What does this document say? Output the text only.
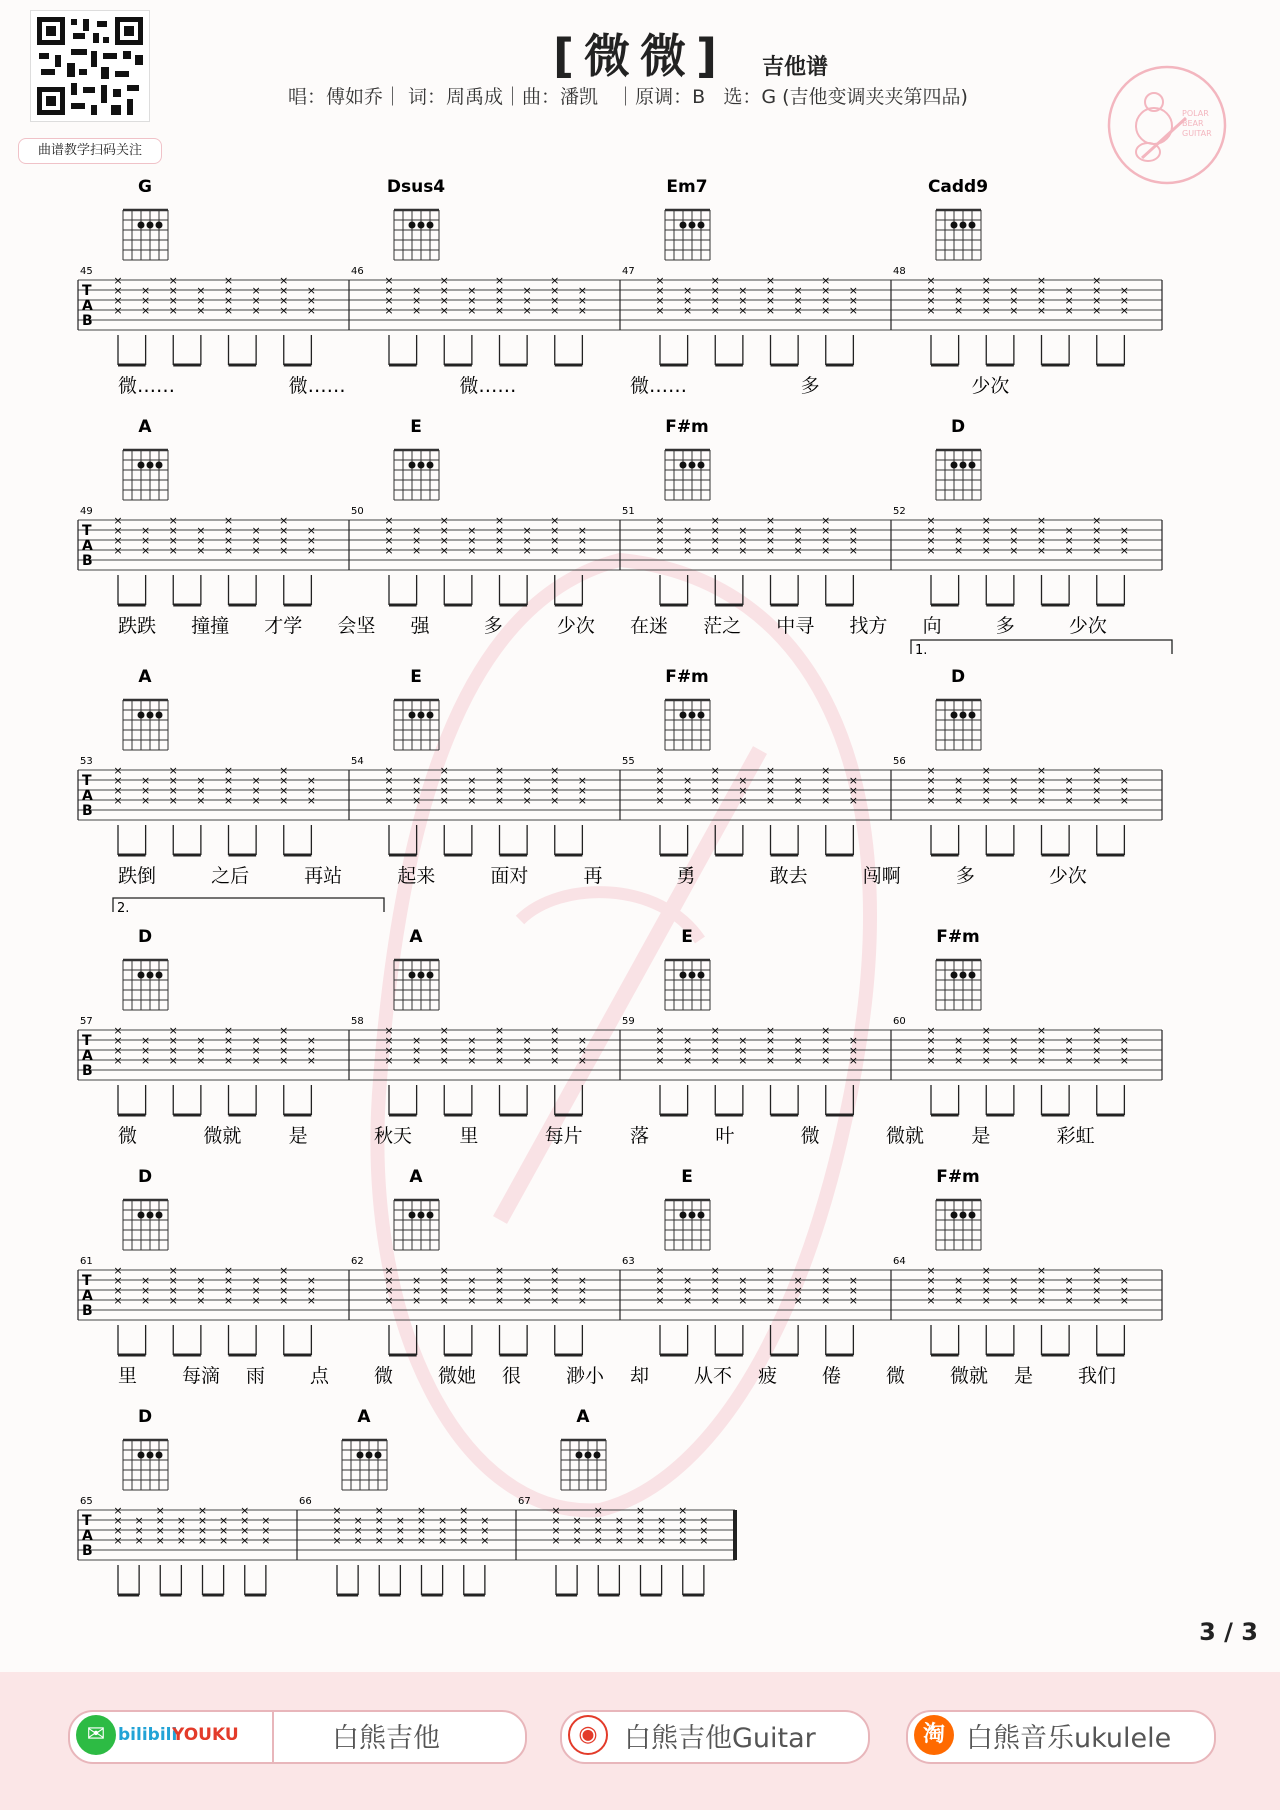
曲谱教学扫码关注
[微微]	吉他谱
唱：傅如乔｜ 词：周禹成｜曲：潘凯   ｜原调：B   选：G (吉他变调夹夹第四品)
POLAR
BEAR
GUITAR
G	Dsus4	Em7	Cadd9
T
A
B
45
×
×
×
×
×
×
×
×
×
×
×
×
×
×
×
×
×
×
×
×
×
×
×
×
×
×
×
×
46
×
×
×
×
×
×
×
×
×
×
×
×
×
×
×
×
×
×
×
×
×
×
×
×
×
×
×
×
47
×
×
×
×
×
×
×
×
×
×
×
×
×
×
×
×
×
×
×
×
×
×
×
×
×
×
×
×
48
×
×
×
×
×
×
×
×
×
×
×
×
×
×
×
×
×
×
×
×
×
×
×
×
×
×
×
×
微……	微……	微……	微……	多	少次
A	E	F#m	D
T
A
B
49
×
×
×
×
×
×
×
×
×
×
×
×
×
×
×
×
×
×
×
×
×
×
×
×
×
×
×
×
50
×
×
×
×
×
×
×
×
×
×
×
×
×
×
×
×
×
×
×
×
×
×
×
×
×
×
×
×
51
×
×
×
×
×
×
×
×
×
×
×
×
×
×
×
×
×
×
×
×
×
×
×
×
×
×
×
×
52
×
×
×
×
×
×
×
×
×
×
×
×
×
×
×
×
×
×
×
×
×
×
×
×
×
×
×
×
跌跌 撞撞 才学 会坚 强	多	少次 在迷 茫之 中寻 找方 向	多	少次
A	E	F#m	D
1.
T
A
B
53
×
×
×
×
×
×
×
×
×
×
×
×
×
×
×
×
×
×
×
×
×
×
×
×
×
×
×
×
54
×
×
×
×
×
×
×
×
×
×
×
×
×
×
×
×
×
×
×
×
×
×
×
×
×
×
×
×
55
×
×
×
×
×
×
×
×
×
×
×
×
×
×
×
×
×
×
×
×
×
×
×
×
×
×
×
×
56
×
×
×
×
×
×
×
×
×
×
×
×
×
×
×
×
×
×
×
×
×
×
×
×
×
×
×
×
跌倒	之后	再站	起来	面对	再	勇	敢去	闯啊	多	少次
D	A	E	F#m
2.
T
A
B
57
×
×
×
×
×
×
×
×
×
×
×
×
×
×
×
×
×
×
×
×
×
×
×
×
×
×
×
×
58
×
×
×
×
×
×
×
×
×
×
×
×
×
×
×
×
×
×
×
×
×
×
×
×
×
×
×
×
59
×
×
×
×
×
×
×
×
×
×
×
×
×
×
×
×
×
×
×
×
×
×
×
×
×
×
×
×
60
×
×
×
×
×
×
×
×
×
×
×
×
×
×
×
×
×
×
×
×
×
×
×
×
×
×
×
×
微	微就 是	秋天 里	每片 落	叶	微	微就 是	彩虹
D	A	E	F#m
T
A
B
61
×
×
×
×
×
×
×
×
×
×
×
×
×
×
×
×
×
×
×
×
×
×
×
×
×
×
×
×
62
×
×
×
×
×
×
×
×
×
×
×
×
×
×
×
×
×
×
×
×
×
×
×
×
×
×
×
×
63
×
×
×
×
×
×
×
×
×
×
×
×
×
×
×
×
×
×
×
×
×
×
×
×
×
×
×
×
64
×
×
×
×
×
×
×
×
×
×
×
×
×
×
×
×
×
×
×
×
×
×
×
×
×
×
×
×
里 每滴 雨 点 微 微她 很 渺小 却 从不 疲 倦 微 微就 是 我们
D	A	A
T
A
B
65
×
×
×
×
×
×
×
×
×
×
×
×
×
×
×
×
×
×
×
×
×
×
×
×
×
×
×
×
66
×
×
×
×
×
×
×
×
×
×
×
×
×
×
×
×
×
×
×
×
×
×
×
×
×
×
×
×
67
×
×
×
×
×
×
×
×
×
×
×
×
×
×
×
×
×
×
×
×
×
×
×
×
×
×
×
×
3 / 3
✉ bilibili
YOUKU	白熊吉他	◉ 白熊吉他Guitar	淘 白熊音乐ukulele
